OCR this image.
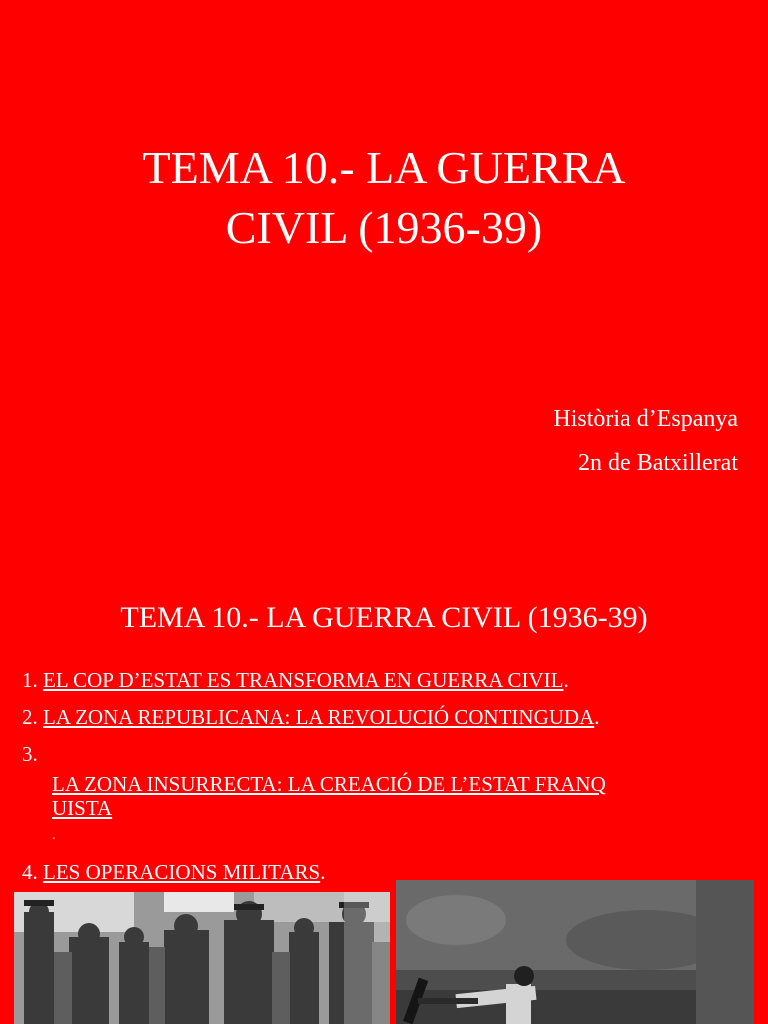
TEMA 10.- LA GUERRA
CIVIL (1936-39)
Història d’Espanya
2n de Batxillerat
TEMA 10.- LA GUERRA CIVIL (1936-39)
1. EL COP D’ESTAT ES TRANSFORMA EN GUERRA CIVIL.
2. LA ZONA REPUBLICANA: LA REVOLUCIÓ CONTINGUDA.
3.
LA ZONA INSURRECTA: LA CREACIÓ DE L’ESTAT FRANQ
UISTA
.
4. LES OPERACIONS MILITARS.
